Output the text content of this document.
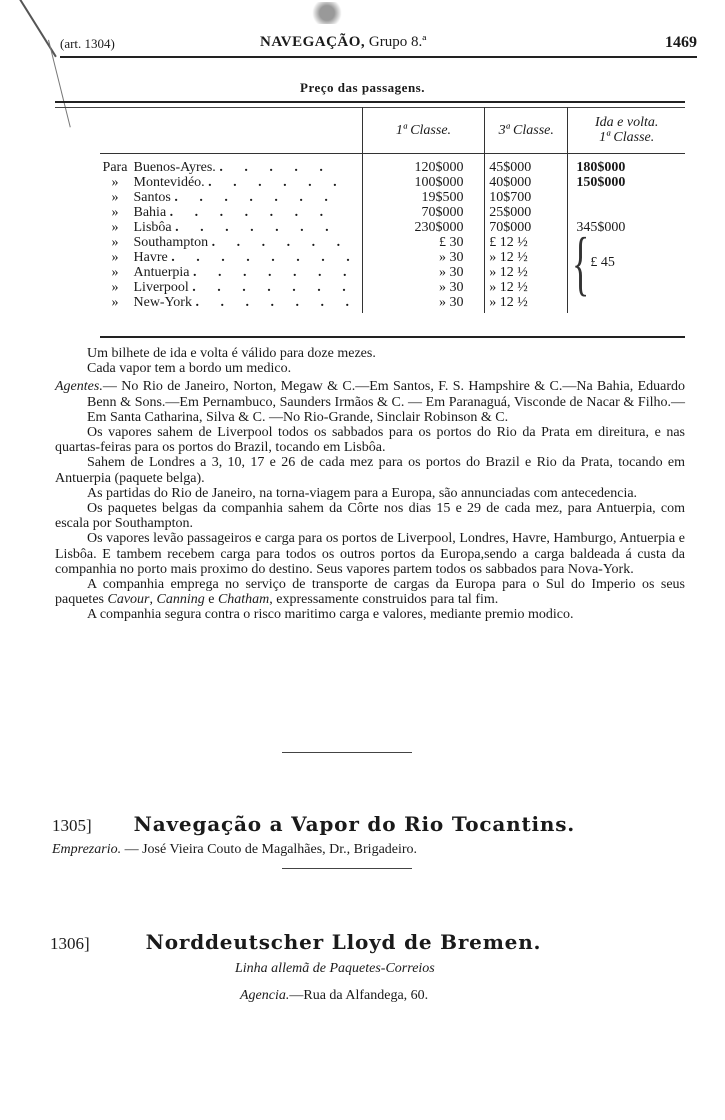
(art. 1304)	NAVEGAÇÃO, Grupo 8.ª	1469
Preço das passagens.
	1ª Classe.	3ª Classe.	Ida e volta.
1ª Classe.

Para Buenos-Ayres. . . . . .	120$000	45$000	180$000
» Montevidéo. . . . . . .	100$000	40$000	150$000
» Santos . . . . . . .	19$500	10$700	
» Bahia . . . . . . .	70$000	25$000	
» Lisbôa . . . . . . .	230$000	70$000	345$000
» Southampton . . . . . .	£ 30	£ 12 ½	{ £ 45

» Havre . . . . . . . .	» 30	» 12 ½	
» Antuerpia . . . . . . .	» 30	» 12 ½	
» Liverpool . . . . . . .	» 30	» 12 ½	
» New-York . . . . . . .	» 30	» 12 ½	

Um bilhete de ida e volta é válido para doze mezes.

Cada vapor tem a bordo um medico.

Agentes.— No Rio de Janeiro, Norton, Megaw & C.—Em Santos, F. S. Hampshire & C.—Na Bahia, Eduardo Benn & Sons.—Em Pernambuco, Saunders Irmãos & C. — Em Paranaguá, Visconde de Nacar & Filho.—Em Santa Catharina, Silva & C. —No Rio-Grande, Sinclair Robinson & C.

Os vapores sahem de Liverpool todos os sabbados para os portos do Rio da Prata em direitura, e nas quartas-feiras para os portos do Brazil, tocando em Lisbôa.

Sahem de Londres a 3, 10, 17 e 26 de cada mez para os portos do Brazil e Rio da Prata, tocando em Antuerpia (paquete belga).

As partidas do Rio de Janeiro, na torna-viagem para a Europa, são annunciadas com antecedencia.

Os paquetes belgas da companhia sahem da Côrte nos dias 15 e 29 de cada mez, para Antuerpia, com escala por Southampton.

Os vapores levão passageiros e carga para os portos de Liverpool, Londres, Havre, Hamburgo, Antuerpia e Lisbôa. E tambem recebem carga para todos os outros portos da Europa,sendo a carga baldeada á custa da companhia no porto mais proximo do destino. Seus vapores partem todos os sabbados para Nova-York.

A companhia emprega no serviço de transporte de cargas da Europa para o Sul do Imperio os seus paquetes Cavour, Canning e Chatham, expressamente construidos para tal fim.

A companhia segura contra o risco maritimo carga e valores, mediante premio modico.

1305] Navegação a Vapor do Rio Tocantins.
Emprezario. — José Vieira Couto de Magalhães, Dr., Brigadeiro.
1306]	Norddeutscher Lloyd de Bremen.
Linha allemã de Paquetes-Correios
Agencia.—Rua da Alfandega, 60.
